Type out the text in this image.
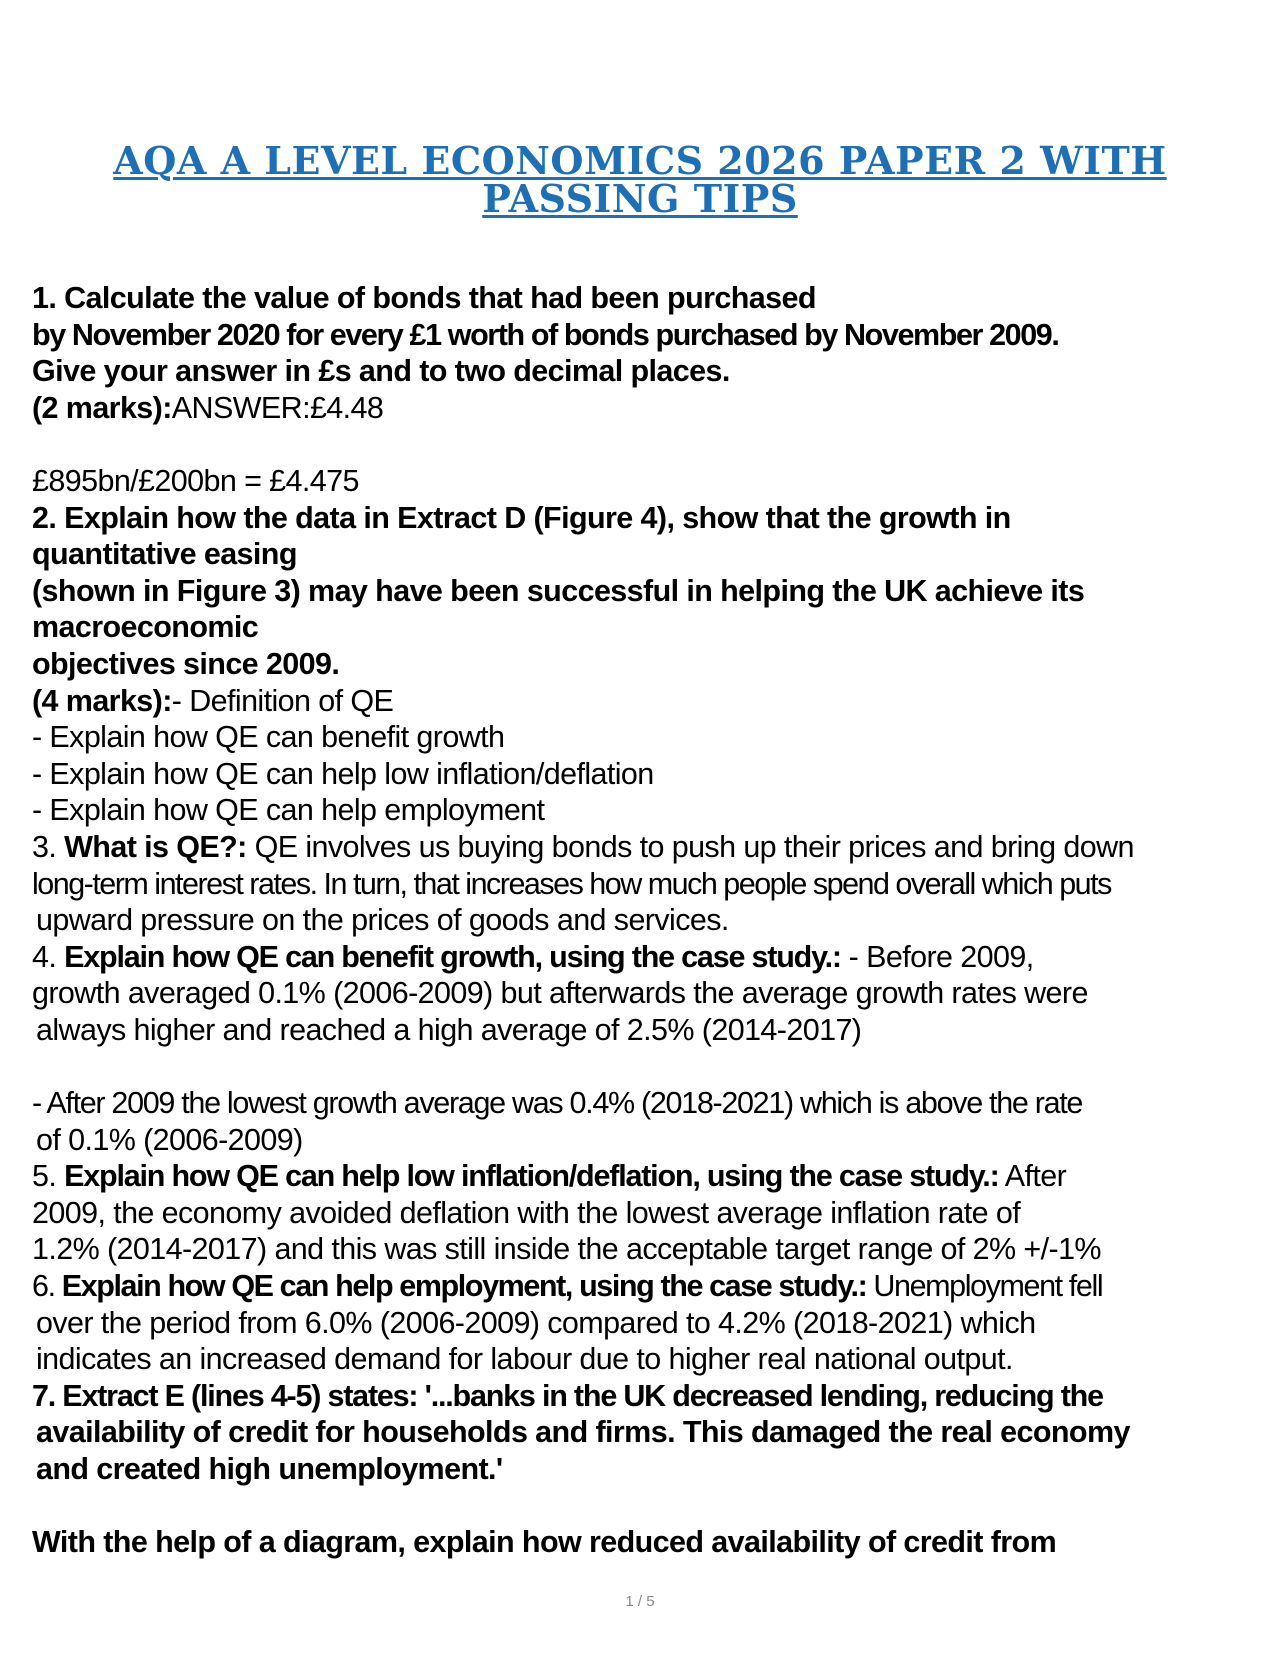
AQA A LEVEL ECONOMICS 2026 PAPER 2 WITH
PASSING TIPS

1. Calculate the value of bonds that had been purchased

by November 2020 for every £1 worth of bonds purchased by November 2009.

Give your answer in £s and to two decimal places.

(2 marks):ANSWER:£4.48

£895bn/£200bn = £4.475

2. Explain how the data in Extract D (Figure 4), show that the growth in

quantitative easing

(shown in Figure 3) may have been successful in helping the UK achieve its

macroeconomic

objectives since 2009.

(4 marks):- Definition of QE

- Explain how QE can benefit growth

- Explain how QE can help low inflation/deflation

- Explain how QE can help employment

3. What is QE?: QE involves us buying bonds to push up their prices and bring down

long-term interest rates. In turn, that increases how much people spend overall which puts

upward pressure on the prices of goods and services.

4. Explain how QE can benefit growth, using the case study.: - Before 2009,

growth averaged 0.1% (2006-2009) but afterwards the average growth rates were

always higher and reached a high average of 2.5% (2014-2017)

- After 2009 the lowest growth average was 0.4% (2018-2021) which is above the rate

of 0.1% (2006-2009)

5. Explain how QE can help low inflation/deflation, using the case study.: After

2009, the economy avoided deflation with the lowest average inflation rate of

1.2% (2014-2017) and this was still inside the acceptable target range of 2% +/-1%

6. Explain how QE can help employment, using the case study.: Unemployment fell

over the period from 6.0% (2006-2009) compared to 4.2% (2018-2021) which

indicates an increased demand for labour due to higher real national output.

7. Extract E (lines 4-5) states: '...banks in the UK decreased lending, reducing the

availability of credit for households and firms. This damaged the real economy

and created high unemployment.'

With the help of a diagram, explain how reduced availability of credit from

1 / 5
